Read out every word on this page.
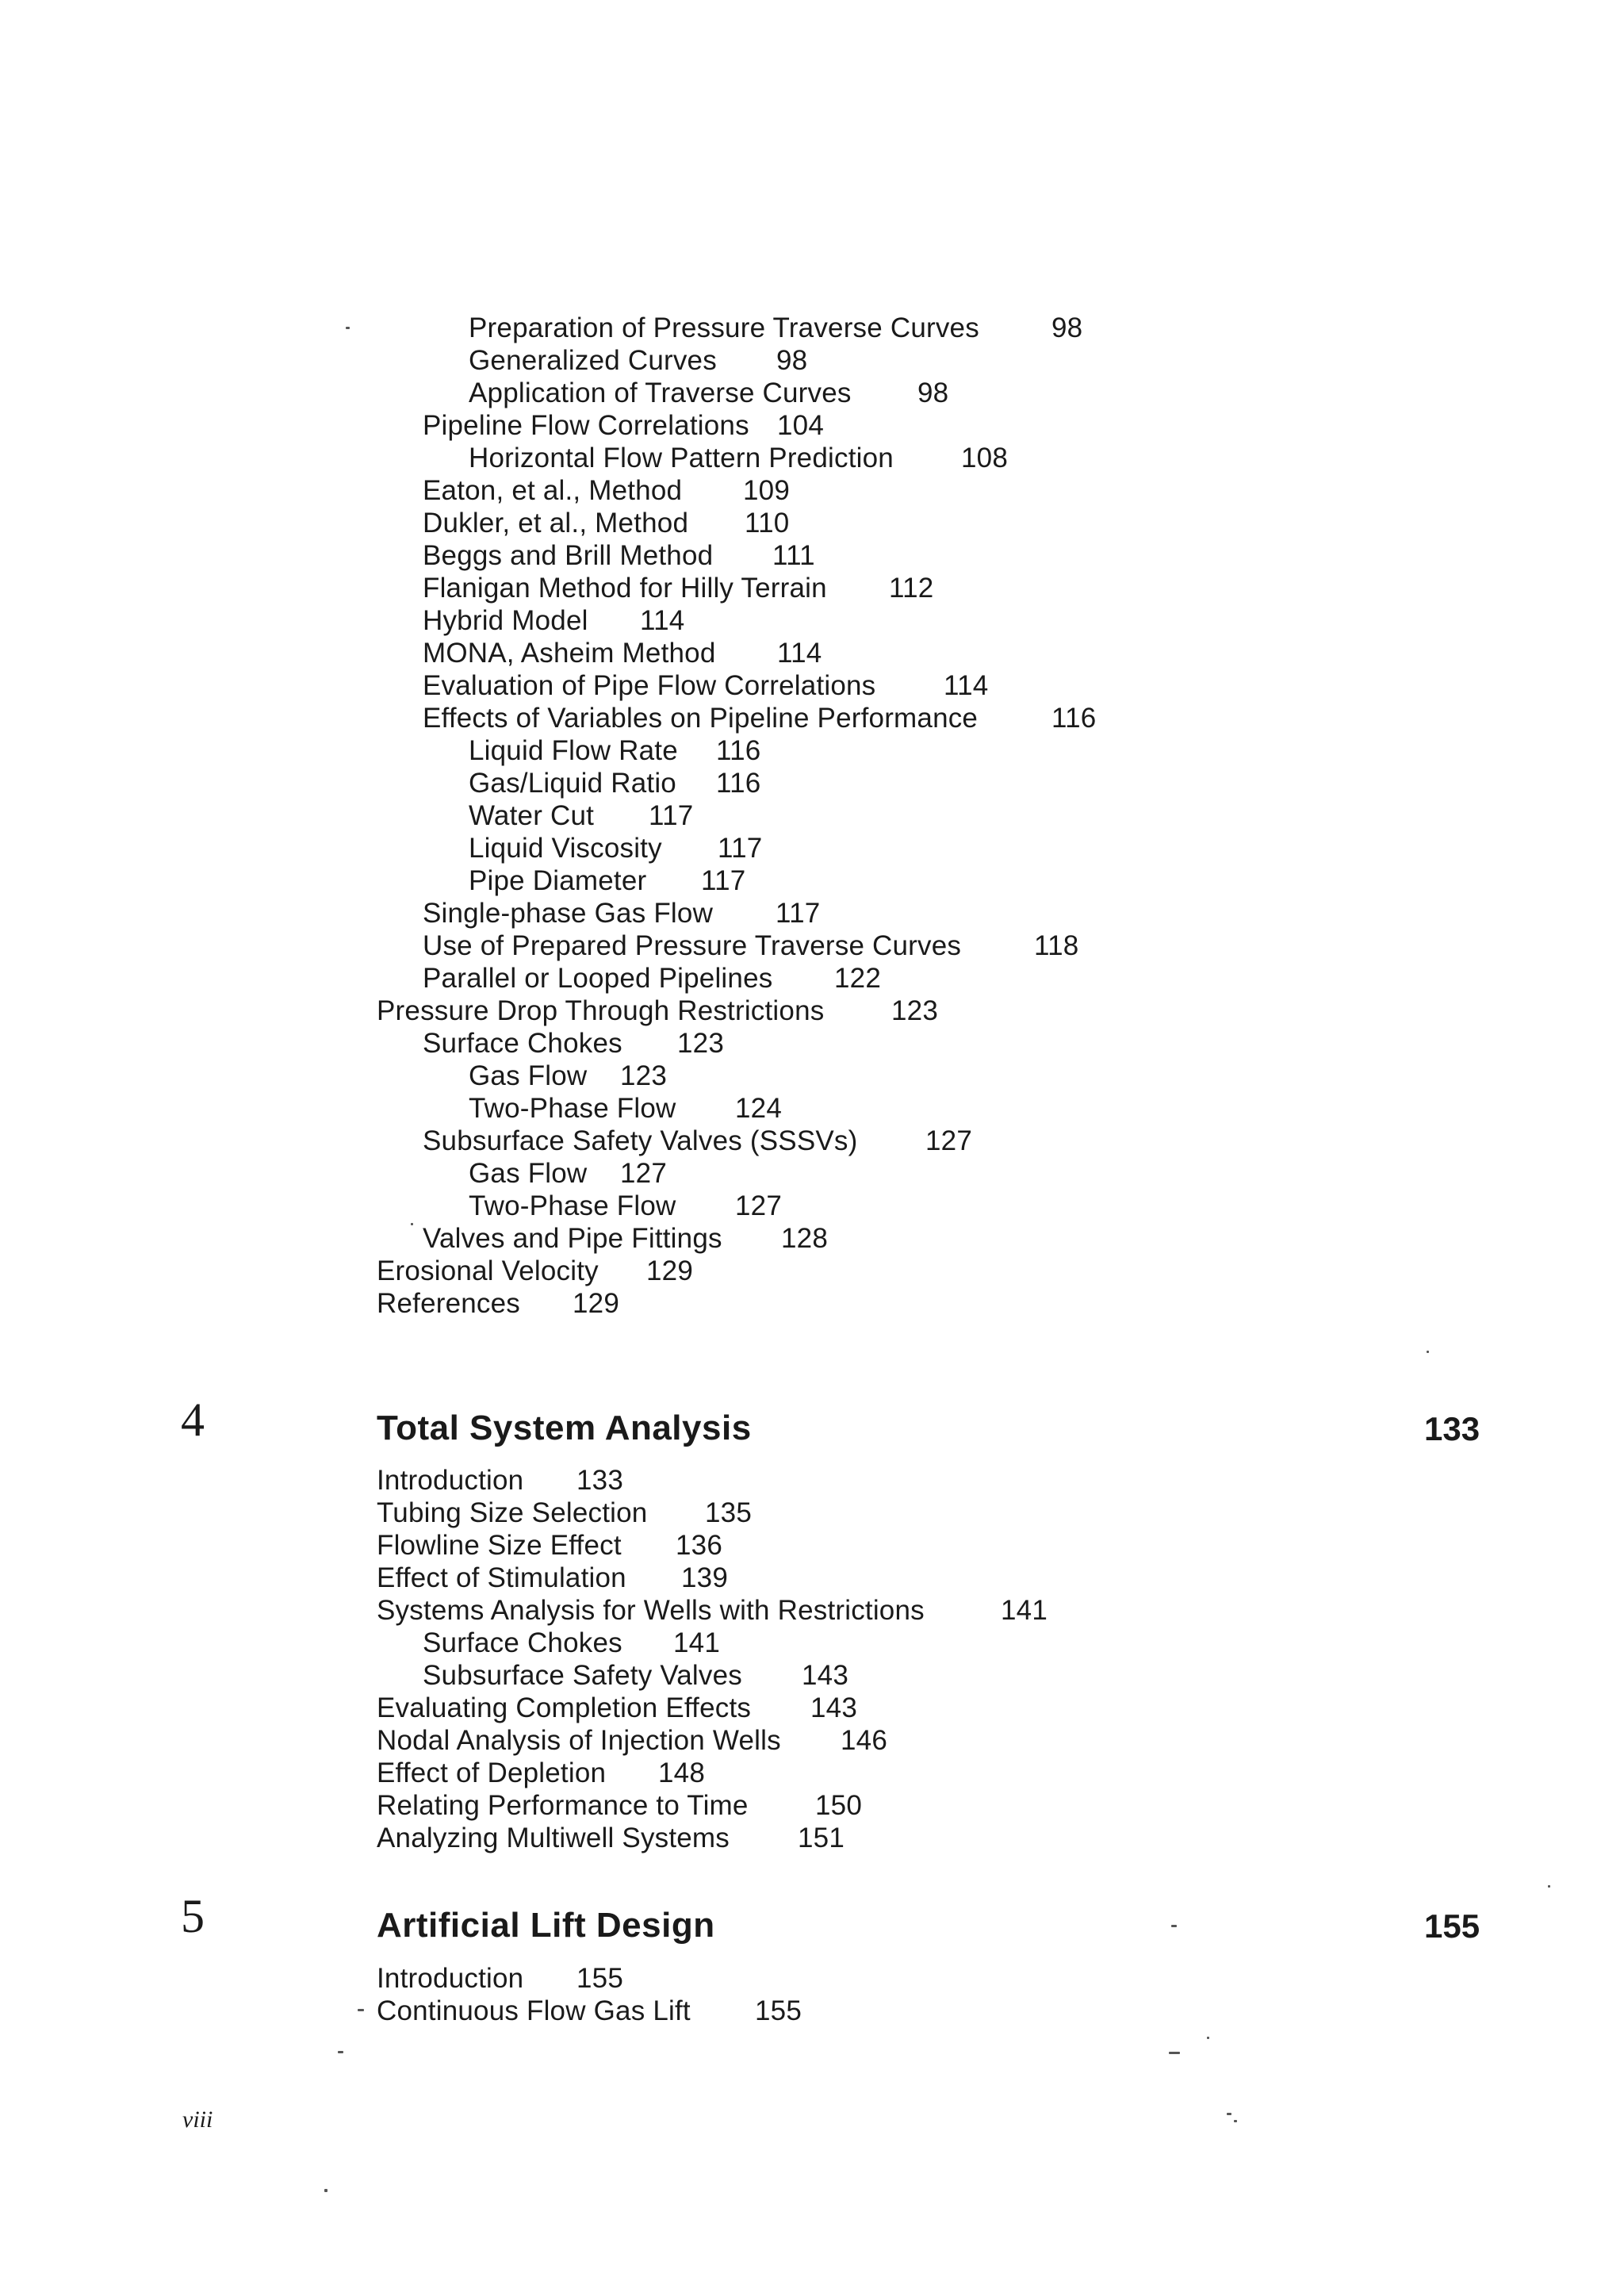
Preparation of Pressure Traverse Curves	98
Generalized Curves 98
Application of Traverse Curves 98
Pipeline Flow Correlations 104
Horizontal Flow Pattern Prediction 108
Eaton, et al., Method 109
Dukler, et al., Method 110
Beggs and Brill Method 111
Flanigan Method for Hilly Terrain 112
Hybrid Model 114
MONA, Asheim Method 114
Evaluation of Pipe Flow Correlations 114
Effects of Variables on Pipeline Performance	116
Liquid Flow Rate 116
Gas/Liquid Ratio 116
Water Cut 117
Liquid Viscosity 117
Pipe Diameter 117
Single-phase Gas Flow 117
Use of Prepared Pressure Traverse Curves	118
Parallel or Looped Pipelines 122
Pressure Drop Through Restrictions 123
Surface Chokes 123
Gas Flow 123
Two-Phase Flow 124
Subsurface Safety Valves (SSSVs) 127
Gas Flow 127
Two-Phase Flow 127
Valves and Pipe Fittings 128
Erosional Velocity 129
References 129
4	Total System Analysis	133
Introduction 133
Tubing Size Selection 135
Flowline Size Effect 136
Effect of Stimulation 139
Systems Analysis for Wells with Restrictions	141
Surface Chokes 141
Subsurface Safety Valves 143
Evaluating Completion Effects 143
Nodal Analysis of Injection Wells 146
Effect of Depletion 148
Relating Performance to Time 150
Analyzing Multiwell Systems 151
5	Artificial Lift Design	155
Introduction 155
Continuous Flow Gas Lift 155
viii
